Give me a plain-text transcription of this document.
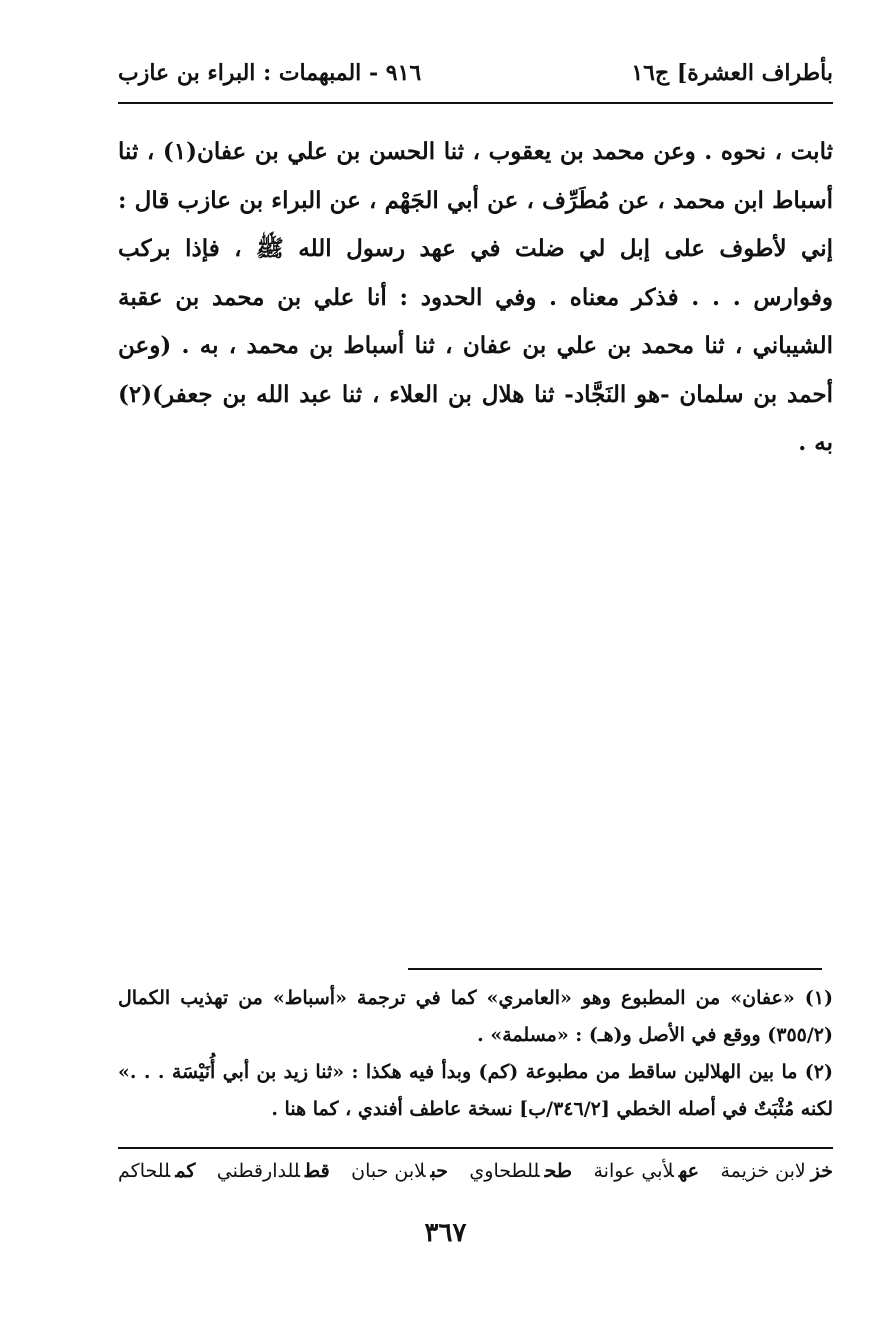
بأطراف العشرة] ج١٦
٩١٦ - المبهمات : البراء بن عازب

ثابت ، نحوه . وعن محمد بن يعقوب ، ثنا الحسن بن علي بن عفان(١) ، ثنا أسباط ابن محمد ، عن مُطَرِّف ، عن أبي الجَهْم ، عن البراء بن عازب قال : إني لأطوف على إبل لي ضلت في عهد رسول الله ﷺ ، فإذا بركب وفوارس . . . فذكر معناه . وفي الحدود : أنا علي بن محمد بن عقبة الشيباني ، ثنا محمد بن علي بن عفان ، ثنا أسباط بن محمد ، به . (وعن أحمد بن سلمان -هو النَجَّاد- ثنا هلال بن العلاء ، ثنا عبد الله بن جعفر)(٢) به .

(١) «عفان» من المطبوع وهو «العامري» كما في ترجمة «أسباط» من تهذيب الكمال (٣٥٥/٢) ووقع في الأصل و(هـ) : «مسلمة» .

(٢) ما بين الهلالين ساقط من مطبوعة (كم) وبدأ فيه هكذا : «ثنا زيد بن أبي أُنَيْسَة . . .» لكنه مُثْبَتٌ في أصله الخطي [٣٤٦/٢/ب] نسخة عاطف أفندي ، كما هنا .

خزلابن خزيمة
عهلأبي عوانة
طحللطحاوي
حبلابن حبان
قطللدارقطني
كمللحاكم
٣٦٧
